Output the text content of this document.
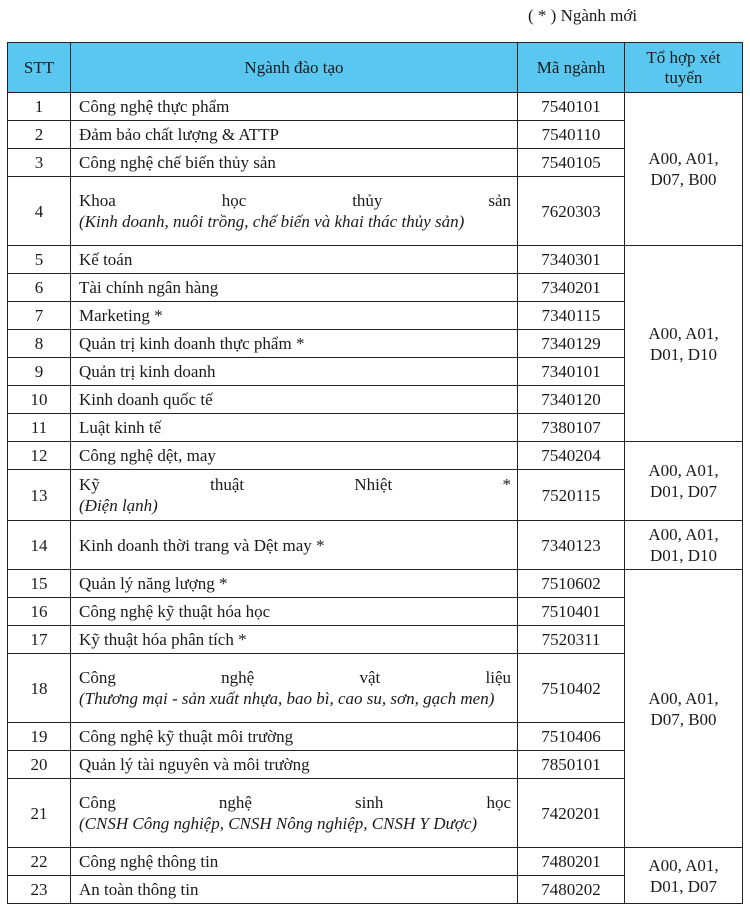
( * ) Ngành mới
STT	Ngành đào tạo	Mã ngành	Tổ hợp xét
tuyển

1	Công nghệ thực phẩm	7540101	A00, A01,
D07, B00

2	Đảm bảo chất lượng & ATTP	7540110	
3	Công nghệ chế biến thủy sản	7540105	
4	Khoa học thủy sản
(Kinh doanh, nuôi trồng, chế biến và khai thác thủy sản)	7620303	
5	Kế toán	7340301	A00, A01,
D01, D10

6	Tài chính ngân hàng	7340201	
7	Marketing *	7340115	
8	Quản trị kinh doanh thực phẩm *	7340129	
9	Quản trị kinh doanh	7340101	
10	Kinh doanh quốc tế	7340120	
11	Luật kinh tế	7380107	
12	Công nghệ dệt, may	7540204	A00, A01,
D01, D07

13	Kỹ thuật Nhiệt *
(Điện lạnh)	7520115	
14	Kinh doanh thời trang và Dệt may *	7340123	A00, A01,
D01, D10

15	Quản lý năng lượng *	7510602	A00, A01,
D07, B00

16	Công nghệ kỹ thuật hóa học	7510401	
17	Kỹ thuật hóa phân tích *	7520311	
18	Công nghệ vật liệu
(Thương mại - sản xuất nhựa, bao bì, cao su, sơn, gạch men)	7510402	
19	Công nghệ kỹ thuật môi trường	7510406	
20	Quản lý tài nguyên và môi trường	7850101	
21	Công nghệ sinh học
(CNSH Công nghiệp, CNSH Nông nghiệp, CNSH Y Dược)	7420201	
22	Công nghệ thông tin	7480201	A00, A01,
D01, D07

23	An toàn thông tin	7480202	
